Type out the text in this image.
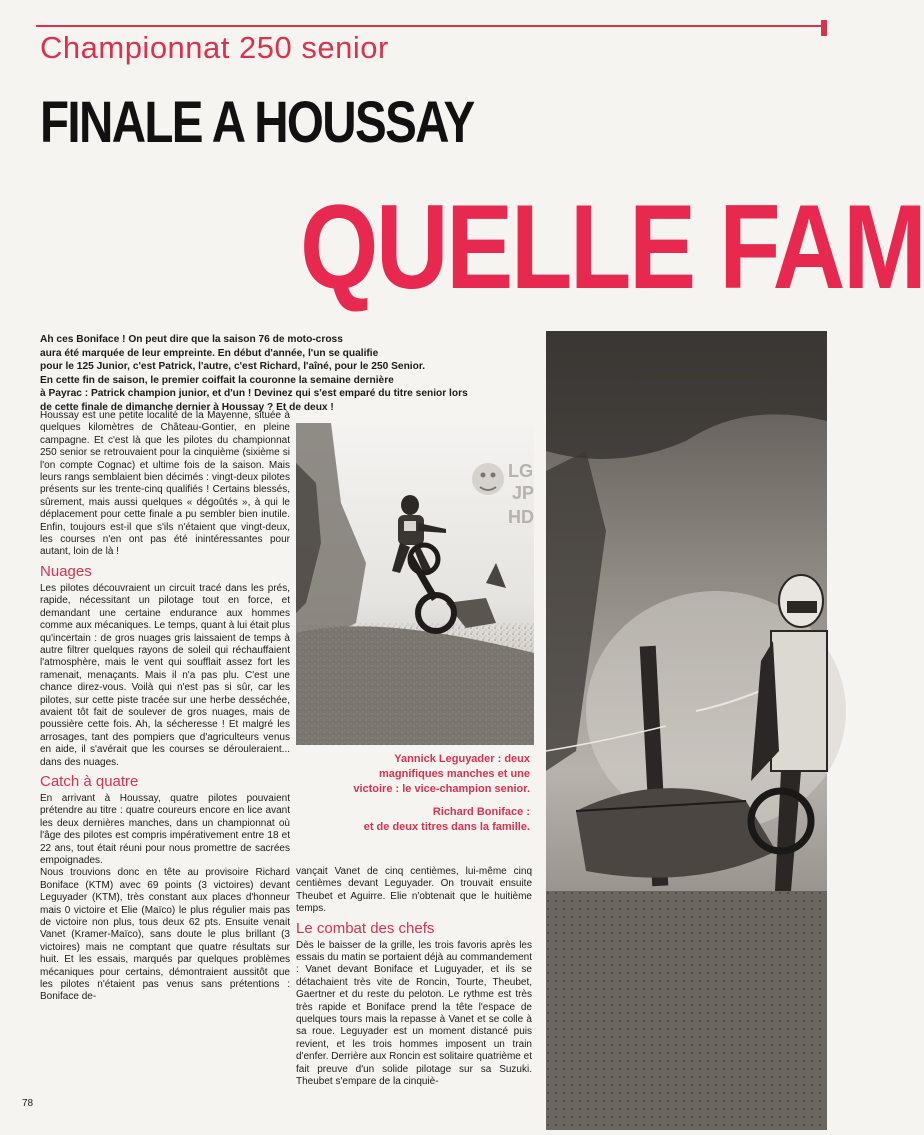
Championnat 250 senior
FINALE A HOUSSAY
QUELLE FAM

Ah ces Boniface ! On peut dire que la saison 76 de moto-cross

aura été marquée de leur empreinte. En début d'année, l'un se qualifie

pour le 125 Junior, c'est Patrick, l'autre, c'est Richard, l'aîné, pour le 250 Senior.

En cette fin de saison, le premier coiffait la couronne la semaine dernière

à Payrac : Patrick champion junior, et d'un ! Devinez qui s'est emparé du titre senior lors

de cette finale de dimanche dernier à Houssay ? Et de deux !

Houssay est une petite localité de la Mayenne, située à quelques kilomètres de Château-Gontier, en pleine campagne. Et c'est là que les pilotes du championnat 250 senior se retrouvaient pour la cinquième (sixième si l'on compte Cognac) et ultime fois de la saison. Mais leurs rangs semblaient bien décimés : vingt-deux pilotes présents sur les trente-cinq qualifiés ! Certains blessés, sûrement, mais aussi quelques « dégoûtés », à qui le déplacement pour cette finale a pu sembler bien inutile. Enfin, toujours est-il que s'ils n'étaient que vingt-deux, les courses n'en ont pas été inintéressantes pour autant, loin de là !

Nuages

Les pilotes découvraient un circuit tracé dans les prés, rapide, nécessitant un pilotage tout en force, et demandant une certaine endurance aux hommes comme aux mécaniques. Le temps, quant à lui était plus qu'incertain : de gros nuages gris laissaient de temps à autre filtrer quelques rayons de soleil qui réchauffaient l'atmosphère, mais le vent qui soufflait assez fort les ramenait, menaçants. Mais il n'a pas plu. C'est une chance direz-vous. Voilà qui n'est pas si sûr, car les pilotes, sur cette piste tracée sur une herbe desséchée, avaient tôt fait de soulever de gros nuages, mais de poussière cette fois. Ah, la sécheresse ! Et malgré les arrosages, tant des pompiers que d'agriculteurs venus en aide, il s'avérait que les courses se dérouleraient... dans des nuages.

Catch à quatre

En arrivant à Houssay, quatre pilotes pouvaient prétendre au titre : quatre coureurs encore en lice avant les deux dernières manches, dans un championnat où l'âge des pilotes est compris impérativement entre 18 et 22 ans, tout était réuni pour nous promettre de sacrées empoignades.

Nous trouvions donc en tête au provisoire Richard Boniface (KTM) avec 69 points (3 victoires) devant Leguyader (KTM), très constant aux places d'honneur mais 0 victoire et Elie (Maïco) le plus régulier mais pas de victoire non plus, tous deux 62 pts. Ensuite venait Vanet (Kramer-Maïco), sans doute le plus brillant (3 victoires) mais ne comptant que quatre résultats sur huit. Et les essais, marqués par quelques problèmes mécaniques pour certains, démontraient aussitôt que les pilotes n'étaient pas venus sans prétentions : Boniface de-

LG
JP
HD
Yannick Leguyader : deux
magnifiques manches et une
victoire : le vice-champion senior.
Richard Boniface :
et de deux titres dans la famille.

vançait Vanet de cinq centièmes, lui-même cinq centièmes devant Leguyader. On trouvait ensuite Theubet et Aguirre. Elie n'obtenait que le huitième temps.

Le combat des chefs

Dès le baisser de la grille, les trois favoris après les essais du matin se portaient déjà au commandement : Vanet devant Boniface et Luguyader, et ils se détachaient très vite de Roncin, Tourte, Theubet, Gaertner et du reste du peloton. Le rythme est très très rapide et Boniface prend la tête l'espace de quelques tours mais la repasse à Vanet et se colle à sa roue. Leguyader est un moment distancé puis revient, et les trois hommes imposent un train d'enfer. Derrière aux Roncin est solitaire quatrième et fait preuve d'un solide pilotage sur sa Suzuki. Theubet s'empare de la cinquiè-

78
